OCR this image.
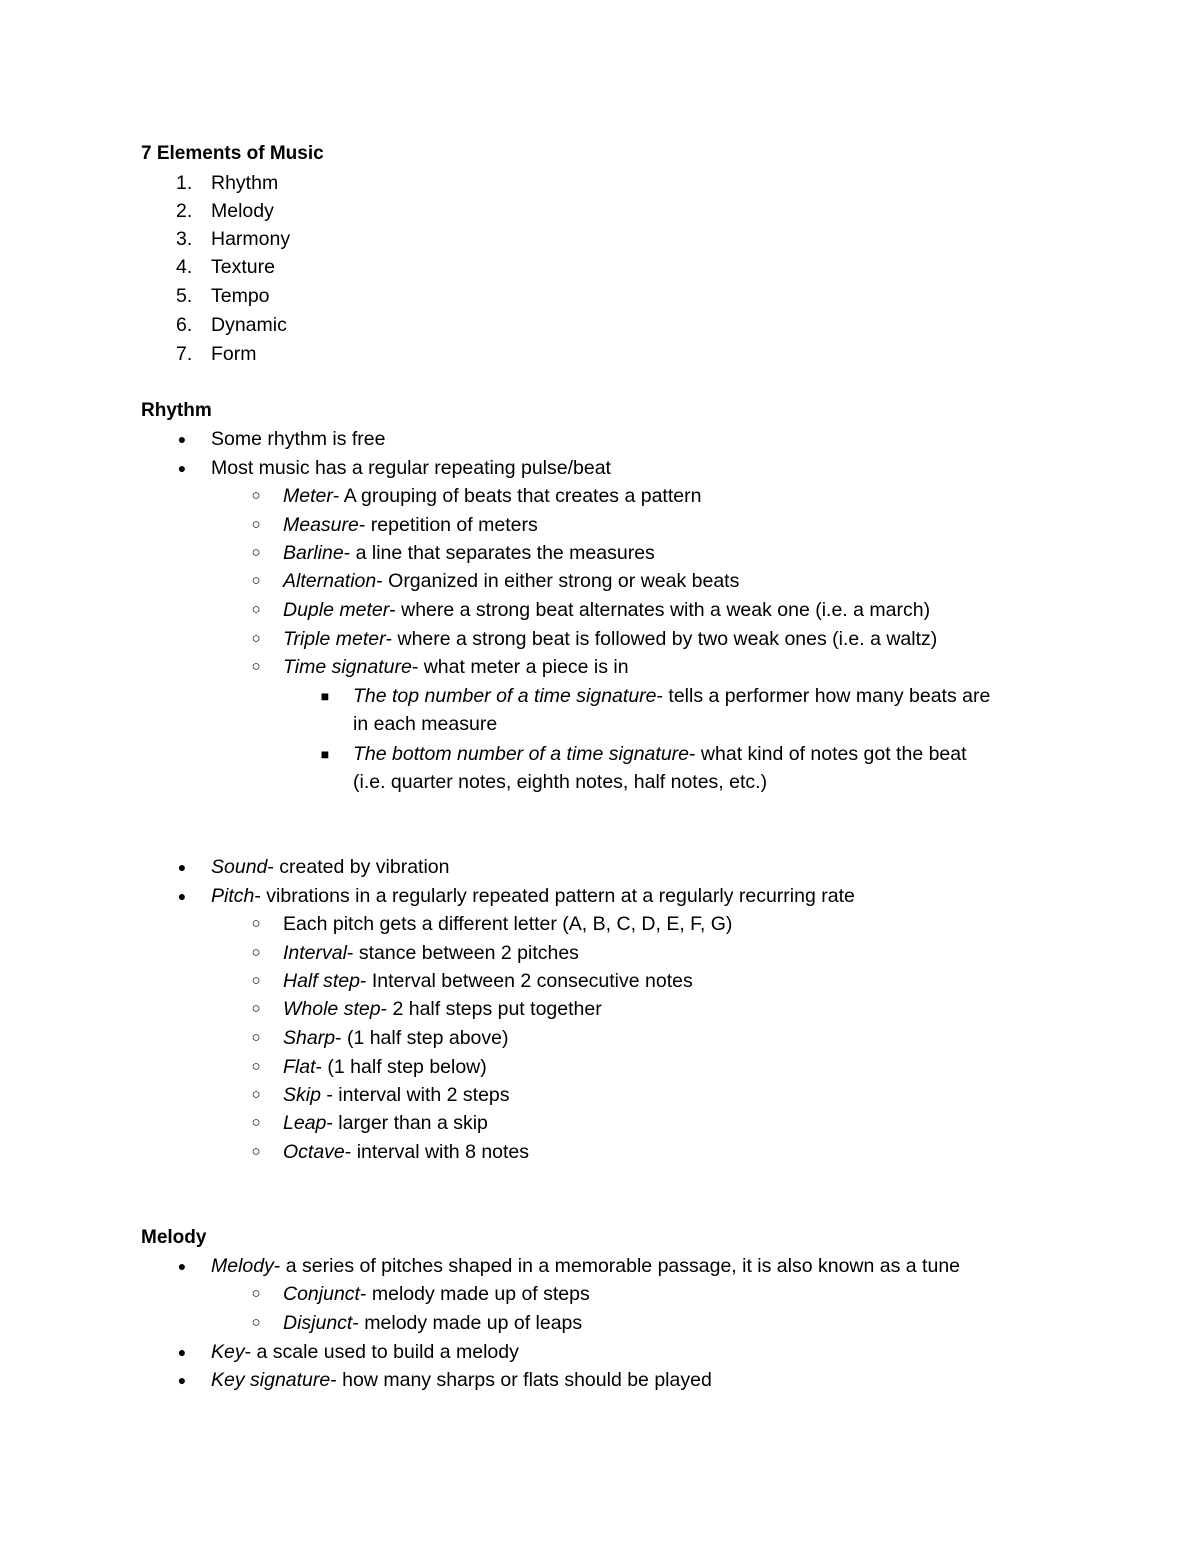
7 Elements of Music
1. Rhythm
2. Melody
3. Harmony
4. Texture
5. Tempo
6. Dynamic
7. Form
Rhythm
● Some rhythm is free
● Most music has a regular repeating pulse/beat
○ Meter- A grouping of beats that creates a pattern
○ Measure- repetition of meters
○ Barline- a line that separates the measures
○ Alternation- Organized in either strong or weak beats
○ Duple meter- where a strong beat alternates with a weak one (i.e. a march)
○ Triple meter- where a strong beat is followed by two weak ones (i.e. a waltz)
○ Time signature- what meter a piece is in
■ The top number of a time signature- tells a performer how many beats are
in each measure
■ The bottom number of a time signature- what kind of notes got the beat
(i.e. quarter notes, eighth notes, half notes, etc.)
● Sound- created by vibration
● Pitch- vibrations in a regularly repeated pattern at a regularly recurring rate
○ Each pitch gets a different letter (A, B, C, D, E, F, G)
○ Interval- stance between 2 pitches
○ Half step- Interval between 2 consecutive notes
○ Whole step- 2 half steps put together
○ Sharp- (1 half step above)
○ Flat- (1 half step below)
○ Skip - interval with 2 steps
○ Leap- larger than a skip
○ Octave- interval with 8 notes
Melody
● Melody- a series of pitches shaped in a memorable passage, it is also known as a tune
○ Conjunct- melody made up of steps
○ Disjunct- melody made up of leaps
● Key- a scale used to build a melody
● Key signature- how many sharps or flats should be played
